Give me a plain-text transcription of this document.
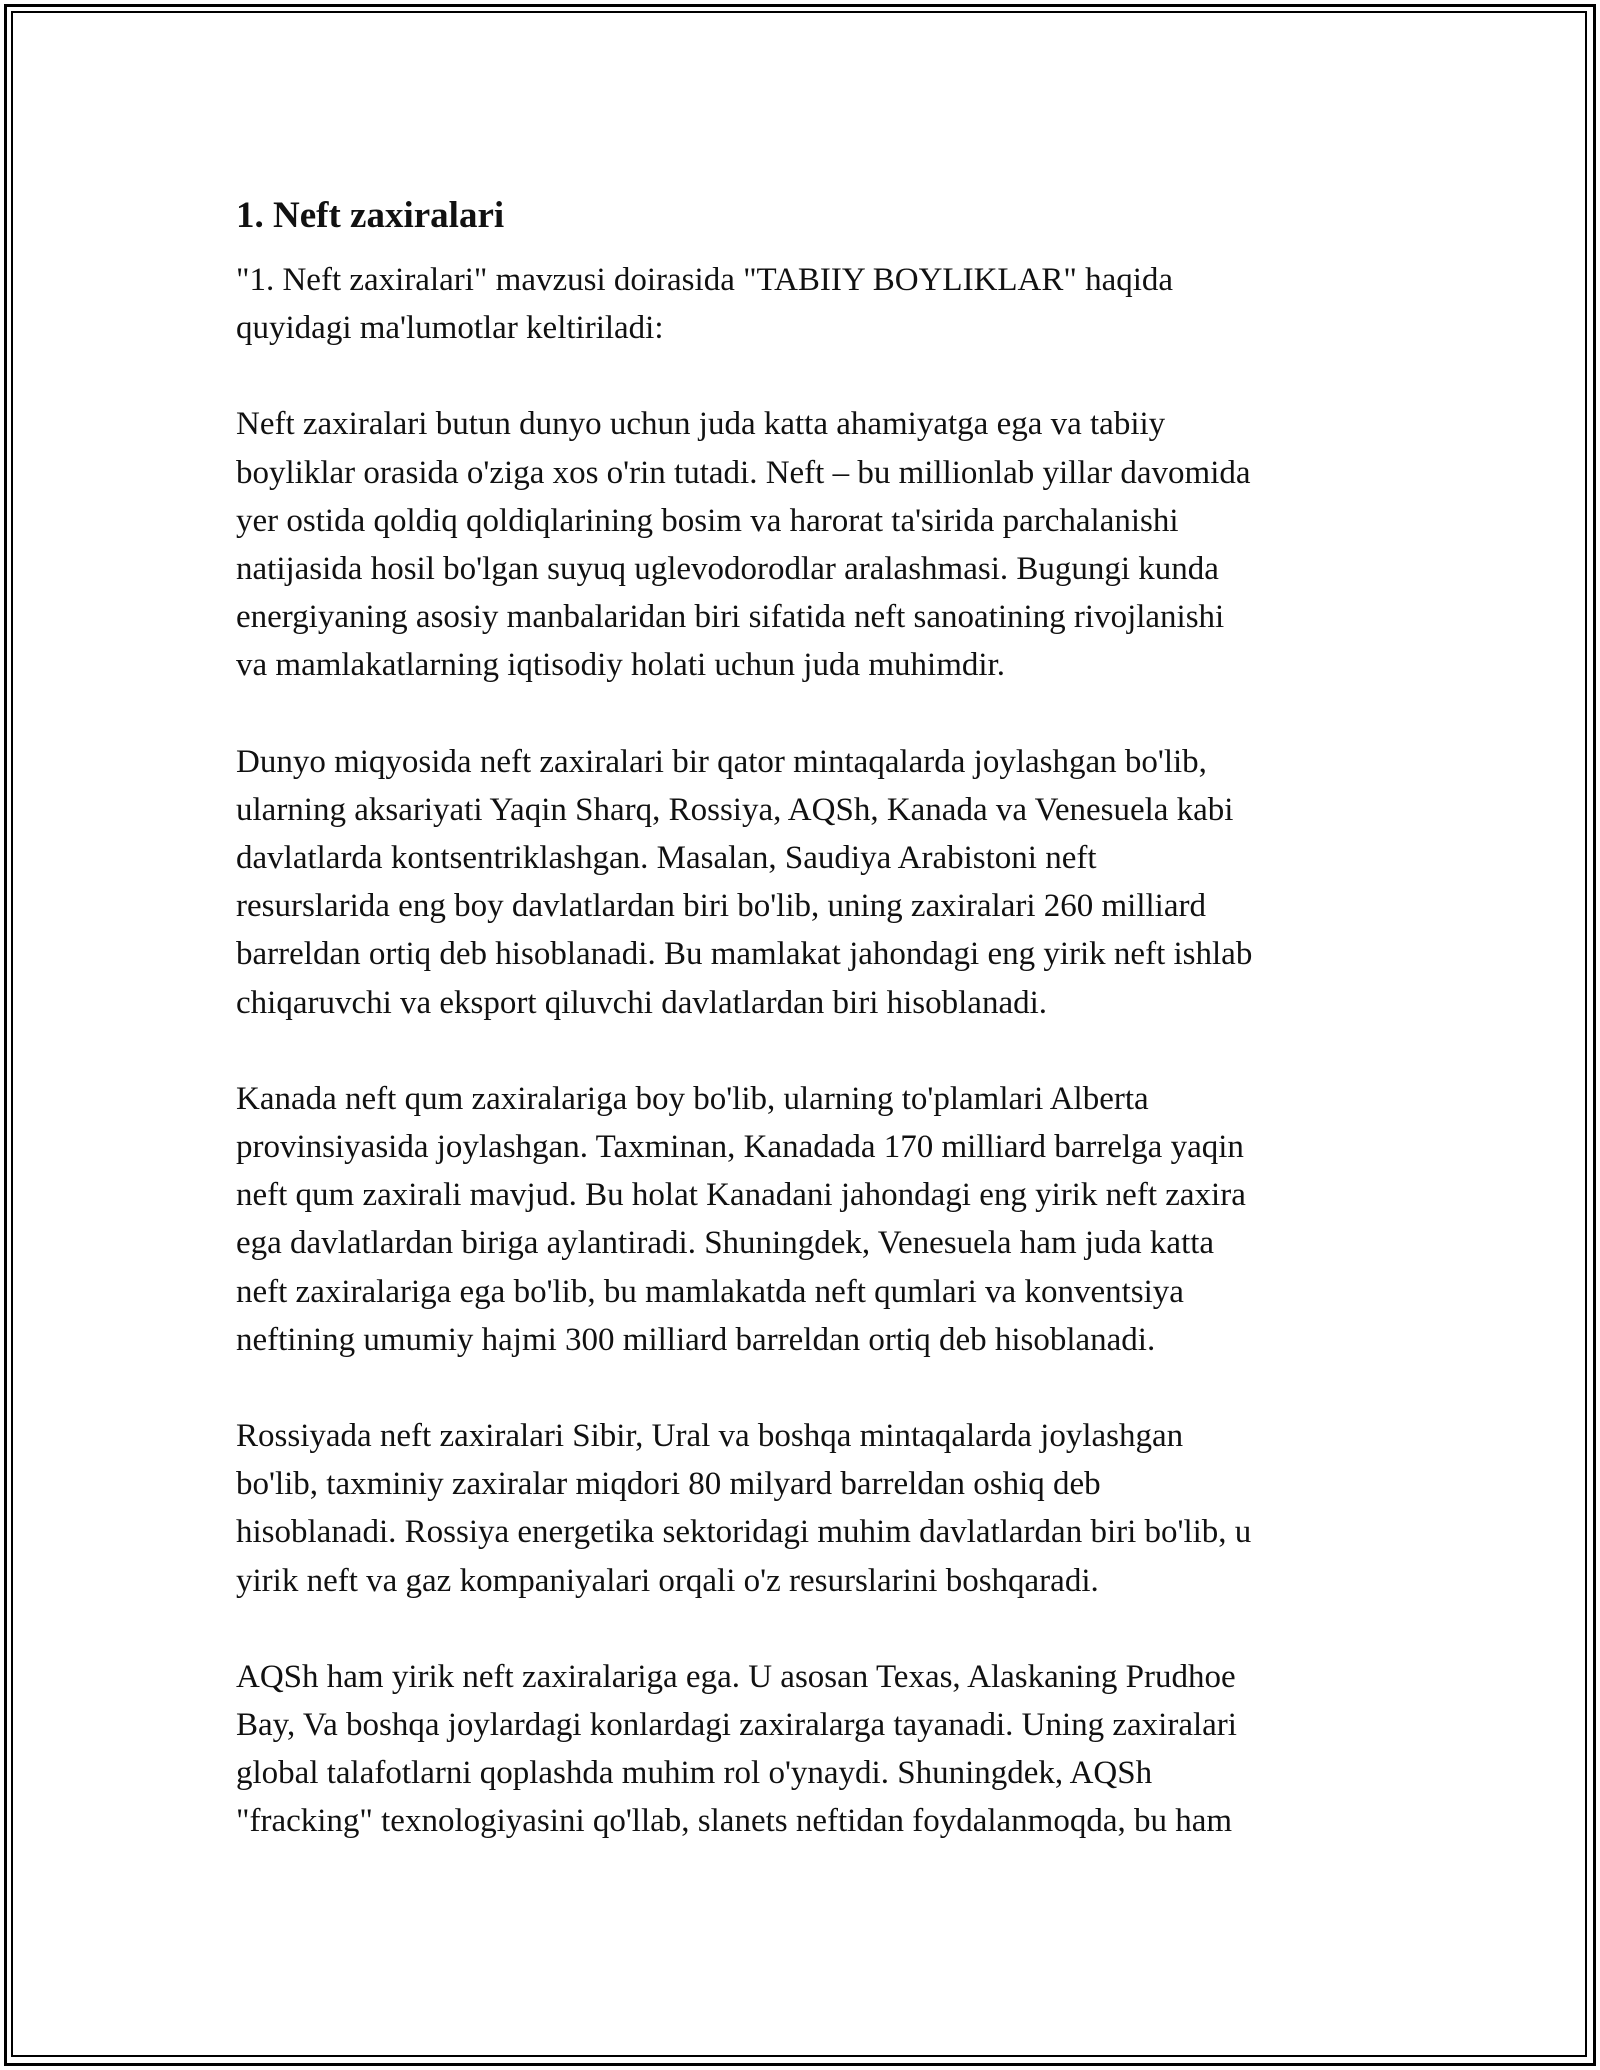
1. Neft zaxiralari
"1. Neft zaxiralari" mavzusi doirasida "TABIIY BOYLIKLAR" haqida
quyidagi ma'lumotlar keltiriladi:
Neft zaxiralari butun dunyo uchun juda katta ahamiyatga ega va tabiiy
boyliklar orasida o'ziga xos o'rin tutadi. Neft – bu millionlab yillar davomida
yer ostida qoldiq qoldiqlarining bosim va harorat ta'sirida parchalanishi
natijasida hosil bo'lgan suyuq uglevodorodlar aralashmasi. Bugungi kunda
energiyaning asosiy manbalaridan biri sifatida neft sanoatining rivojlanishi
va mamlakatlarning iqtisodiy holati uchun juda muhimdir.
Dunyo miqyosida neft zaxiralari bir qator mintaqalarda joylashgan bo'lib,
ularning aksariyati Yaqin Sharq, Rossiya, AQSh, Kanada va Venesuela kabi
davlatlarda kontsentriklashgan. Masalan, Saudiya Arabistoni neft
resurslarida eng boy davlatlardan biri bo'lib, uning zaxiralari 260 milliard
barreldan ortiq deb hisoblanadi. Bu mamlakat jahondagi eng yirik neft ishlab
chiqaruvchi va eksport qiluvchi davlatlardan biri hisoblanadi.
Kanada neft qum zaxiralariga boy bo'lib, ularning to'plamlari Alberta
provinsiyasida joylashgan. Taxminan, Kanadada 170 milliard barrelga yaqin
neft qum zaxirali mavjud. Bu holat Kanadani jahondagi eng yirik neft zaxira
ega davlatlardan biriga aylantiradi. Shuningdek, Venesuela ham juda katta
neft zaxiralariga ega bo'lib, bu mamlakatda neft qumlari va konventsiya
neftining umumiy hajmi 300 milliard barreldan ortiq deb hisoblanadi.
Rossiyada neft zaxiralari Sibir, Ural va boshqa mintaqalarda joylashgan
bo'lib, taxminiy zaxiralar miqdori 80 milyard barreldan oshiq deb
hisoblanadi. Rossiya energetika sektoridagi muhim davlatlardan biri bo'lib, u
yirik neft va gaz kompaniyalari orqali o'z resurslarini boshqaradi.
AQSh ham yirik neft zaxiralariga ega. U asosan Texas, Alaskaning Prudhoe
Bay, Va boshqa joylardagi konlardagi zaxiralarga tayanadi. Uning zaxiralari
global talafotlarni qoplashda muhim rol o'ynaydi. Shuningdek, AQSh
"fracking" texnologiyasini qo'llab, slanets neftidan foydalanmoqda, bu ham
